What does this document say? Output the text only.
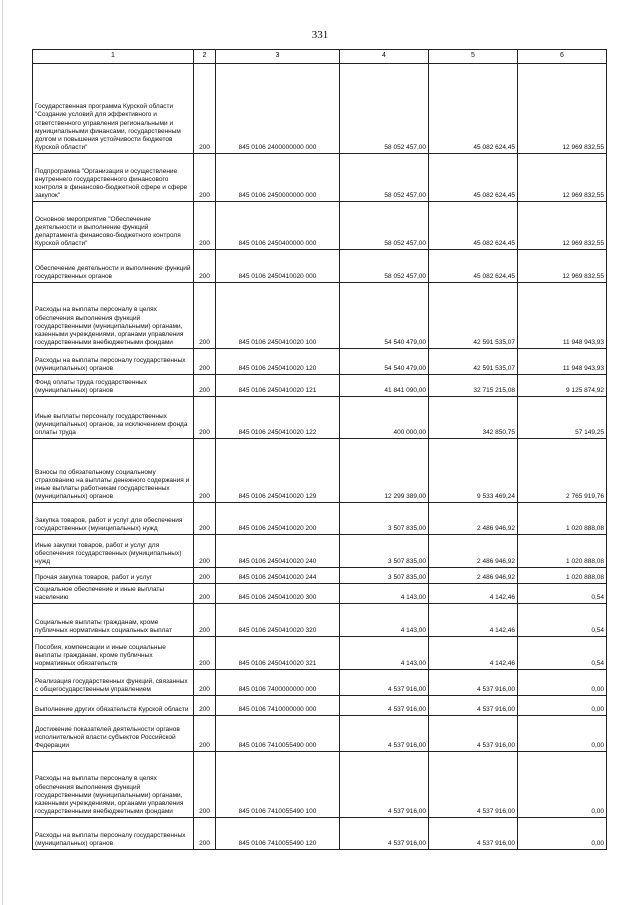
331
1	2	3	4	5	6
Государственная программа Курской области "Создание условий для эффективного и ответственного управления региональными и муниципальными финансами, государственным долгом и повышения устойчивости бюджетов Курской области"	200	845 0106 2400000000 000	58 052 457,00	45 082 624,45	12 969 832,55
Подпрограмма "Организация и осуществление внутреннего государственного финансового контроля в финансово-бюджетной сфере и сфере закупок"	200	845 0106 2450000000 000	58 052 457,00	45 082 624,45	12 969 832,55
Основное мероприятие "Обеспечение деятельности и выполнение функций департамента финансово-бюджетного контроля Курской области"	200	845 0106 2450400000 000	58 052 457,00	45 082 624,45	12 969 832,55
Обеспечение деятельности и выполнение функций государственных органов	200	845 0106 2450410020 000	58 052 457,00	45 082 624,45	12 969 832,55
Расходы на выплаты персоналу в целях обеспечения выполнения функций государственными (муниципальными) органами, казенными учреждениями, органами управления государственными внебюджетными фондами	200	845 0106 2450410020 100	54 540 479,00	42 591 535,07	11 948 943,93
Расходы на выплаты персоналу государственных (муниципальных) органов	200	845 0106 2450410020 120	54 540 479,00	42 591 535,07	11 948 943,93
Фонд оплаты труда государственных (муниципальных) органов	200	845 0106 2450410020 121	41 841 090,00	32 715 215,08	9 125 874,92
Иные выплаты персоналу государственных (муниципальных) органов, за исключением фонда оплаты труда	200	845 0106 2450410020 122	400 000,00	342 850,75	57 149,25
Взносы по обязательному социальному страхованию на выплаты денежного содержания и иные выплаты работникам государственных (муниципальных) органов	200	845 0106 2450410020 129	12 299 389,00	9 533 469,24	2 765 919,76
Закупка товаров, работ и услуг для обеспечения государственных (муниципальных) нужд	200	845 0106 2450410020 200	3 507 835,00	2 486 946,92	1 020 888,08
Иные закупки товаров, работ и услуг для обеспечения государственных (муниципальных) нужд	200	845 0106 2450410020 240	3 507 835,00	2 486 946,92	1 020 888,08
Прочая закупка товаров, работ и услуг	200	845 0106 2450410020 244	3 507 835,00	2 486 946,92	1 020 888,08
Социальное обеспечение и иные выплаты населению	200	845 0106 2450410020 300	4 143,00	4 142,46	0,54
Социальные выплаты гражданам, кроме публичных нормативных социальных выплат	200	845 0106 2450410020 320	4 143,00	4 142,46	0,54
Пособия, компенсации и иные социальные выплаты гражданам, кроме публичных нормативных обязательств	200	845 0106 2450410020 321	4 143,00	4 142,46	0,54
Реализация государственных функций, связанных с общегосударственным управлением	200	845 0106 7400000000 000	4 537 916,00	4 537 916,00	0,00
Выполнение других обязательств Курской области	200	845 0106 7410000000 000	4 537 916,00	4 537 916,00	0,00
Достижение показателей деятельности органов исполнительной власти субъектов Российской Федерации	200	845 0106 7410055490 000	4 537 916,00	4 537 916,00	0,00
Расходы на выплаты персоналу в целях обеспечения выполнения функций государственными (муниципальными) органами, казенными учреждениями, органами управления государственными внебюджетными фондами	200	845 0106 7410055490 100	4 537 916,00	4 537 916,00	0,00
Расходы на выплаты персоналу государственных (муниципальных) органов	200	845 0106 7410055490 120	4 537 916,00	4 537 916,00	0,00
